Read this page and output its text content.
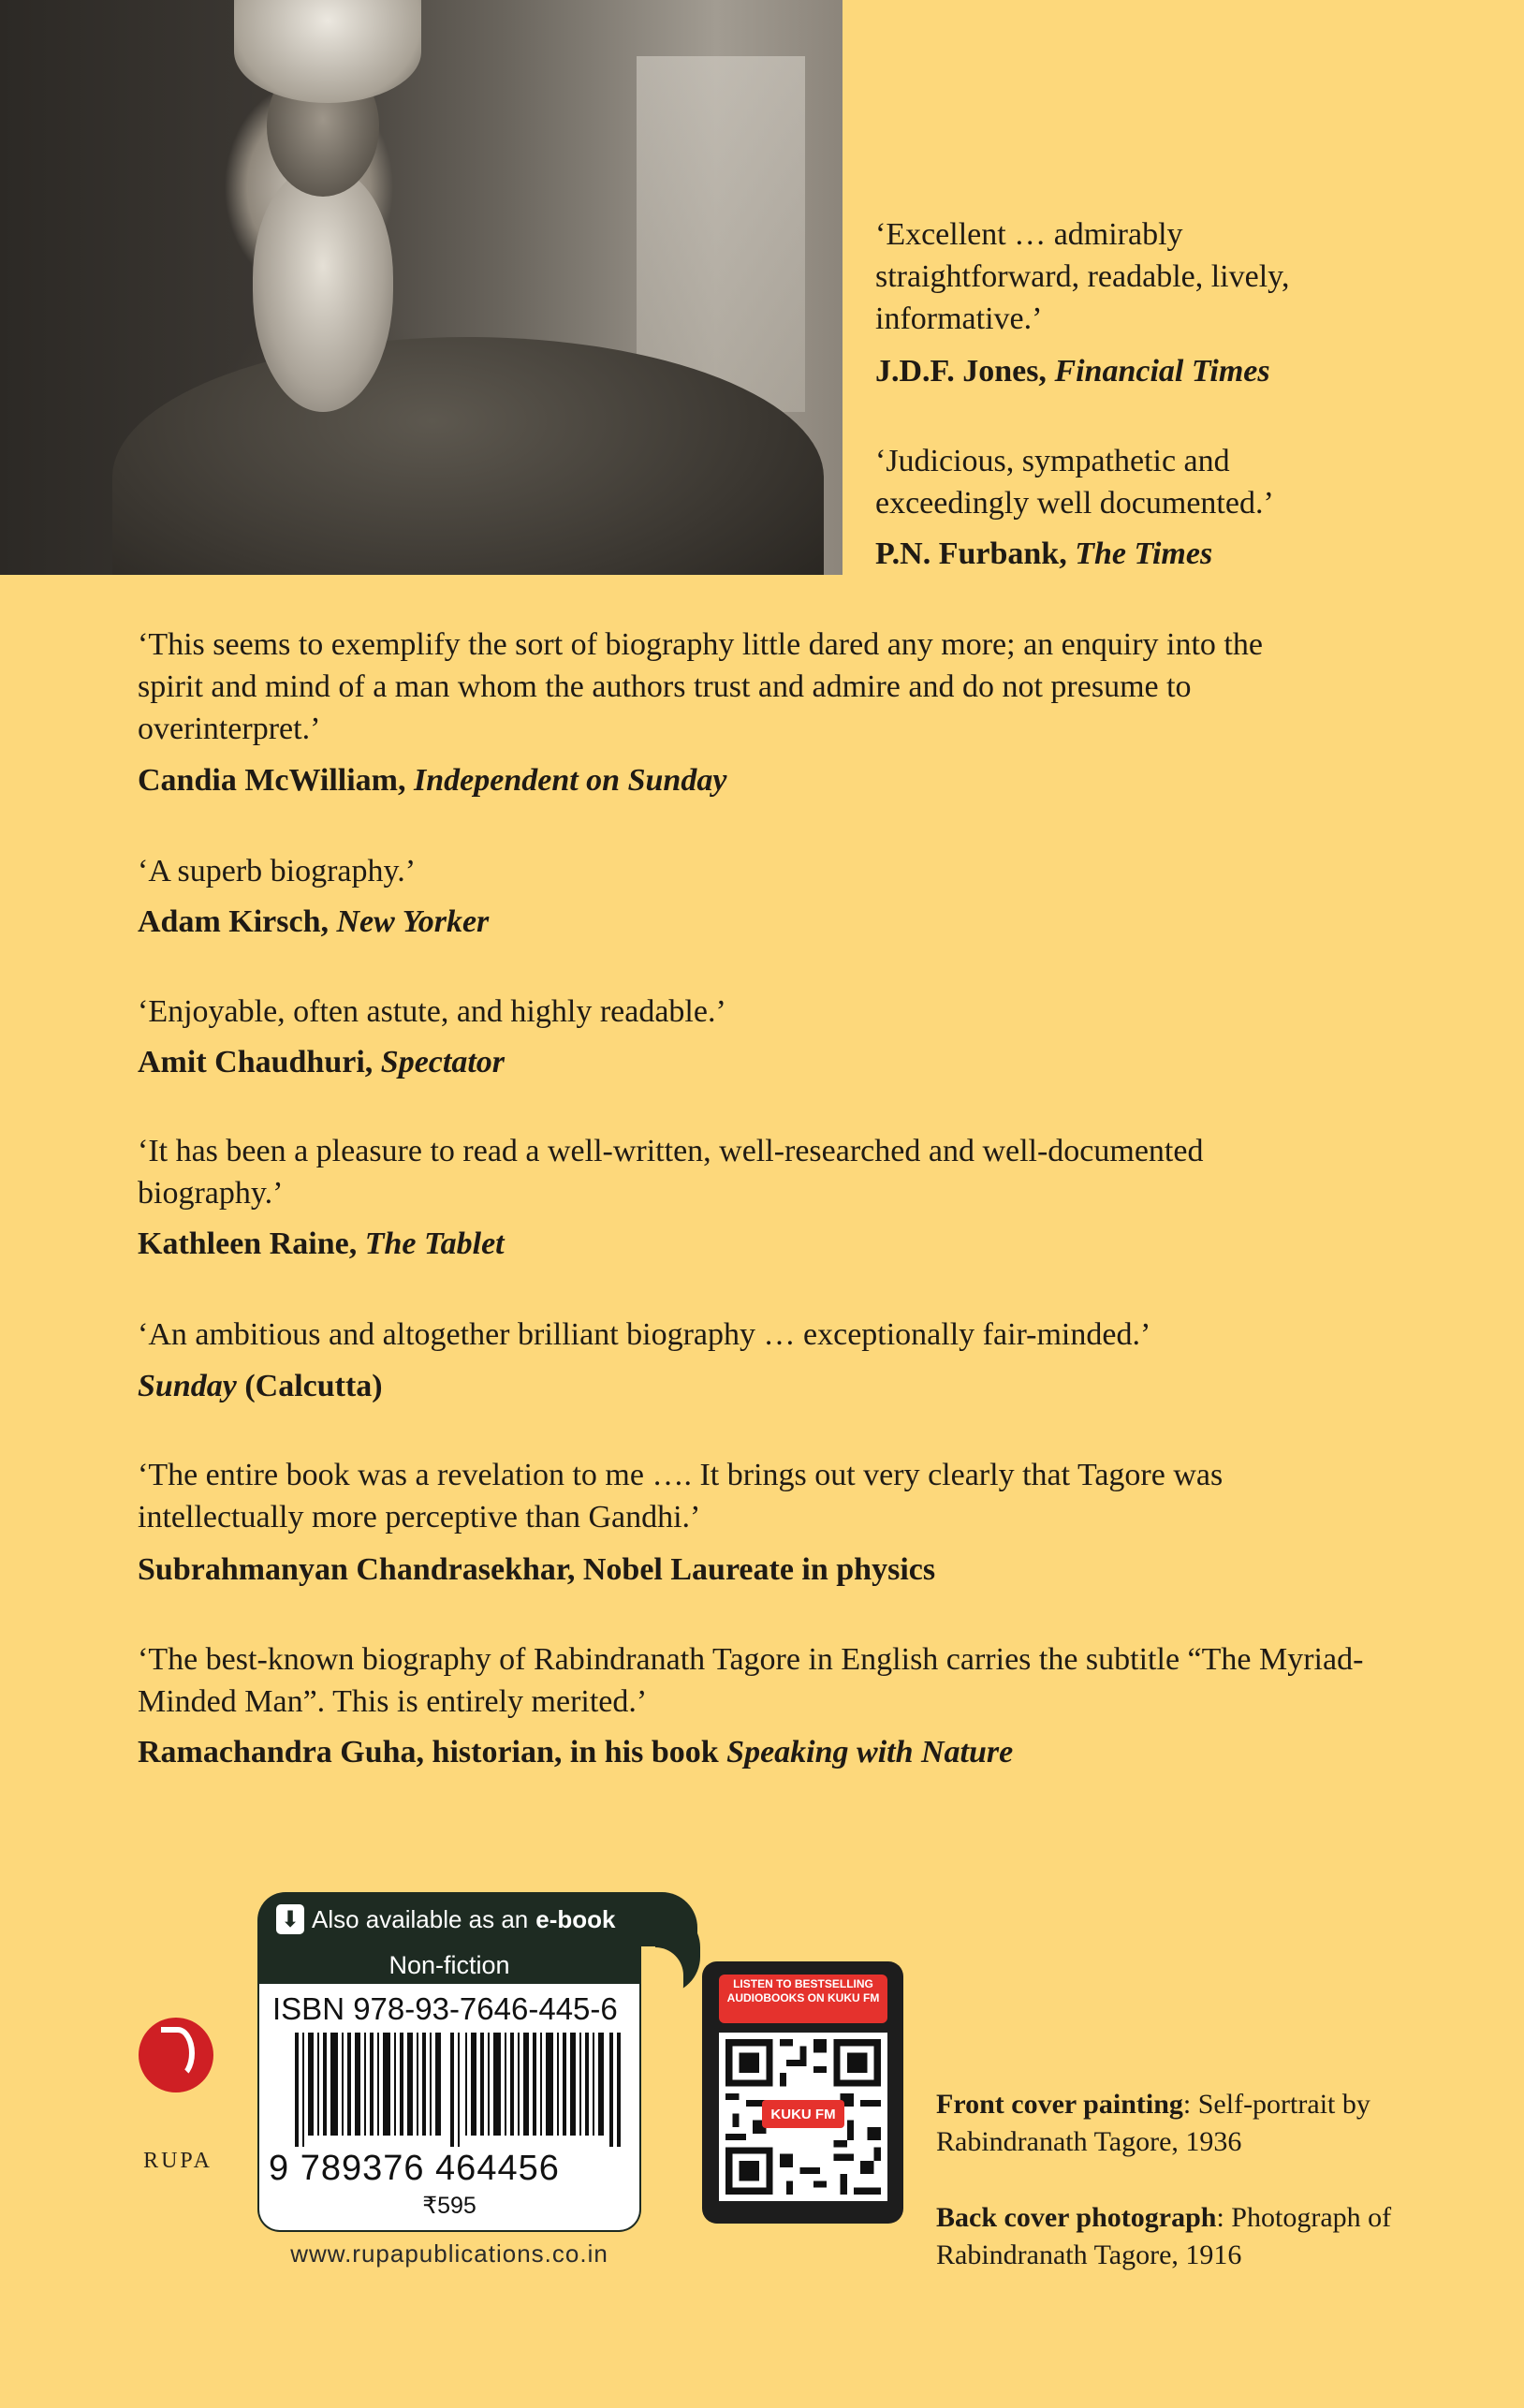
‘Excellent … admirably straightforward, readable, lively, informative.’

J.D.F. Jones, Financial Times

‘Judicious, sympathetic and exceedingly well documented.’

P.N. Furbank, The Times

‘This seems to exemplify the sort of biography little dared any more; an enquiry into the spirit and mind of a man whom the authors trust and admire and do not presume to overinterpret.’

Candia McWilliam, Independent on Sunday

‘A superb biography.’

Adam Kirsch, New Yorker

‘Enjoyable, often astute, and highly readable.’

Amit Chaudhuri, Spectator

‘It has been a pleasure to read a well-written, well-researched and well-documented biography.’

Kathleen Raine, The Tablet

‘An ambitious and altogether brilliant biography … exceptionally fair-minded.’

Sunday (Calcutta)

‘The entire book was a revelation to me …. It brings out very clearly that Tagore was intellectually more perceptive than Gandhi.’

Subrahmanyan Chandrasekhar, Nobel Laureate in physics

‘The best-known biography of Rabindranath Tagore in English carries the subtitle “The Myriad-Minded Man”. This is entirely merited.’

Ramachandra Guha, historian, in his book Speaking with Nature

⬇ Also available as an e-book
Non-fiction
ISBN 978-93-7646-445-6
9 789376 464456
₹595
www.rupapublications.co.in
RUPA
LISTEN TO BESTSELLING AUDIOBOOKS ON KUKU FM
KUKU FM	Front cover painting: Self-portrait by Rabindranath Tagore, 1936

Back cover photograph: Photograph of Rabindranath Tagore, 1916
